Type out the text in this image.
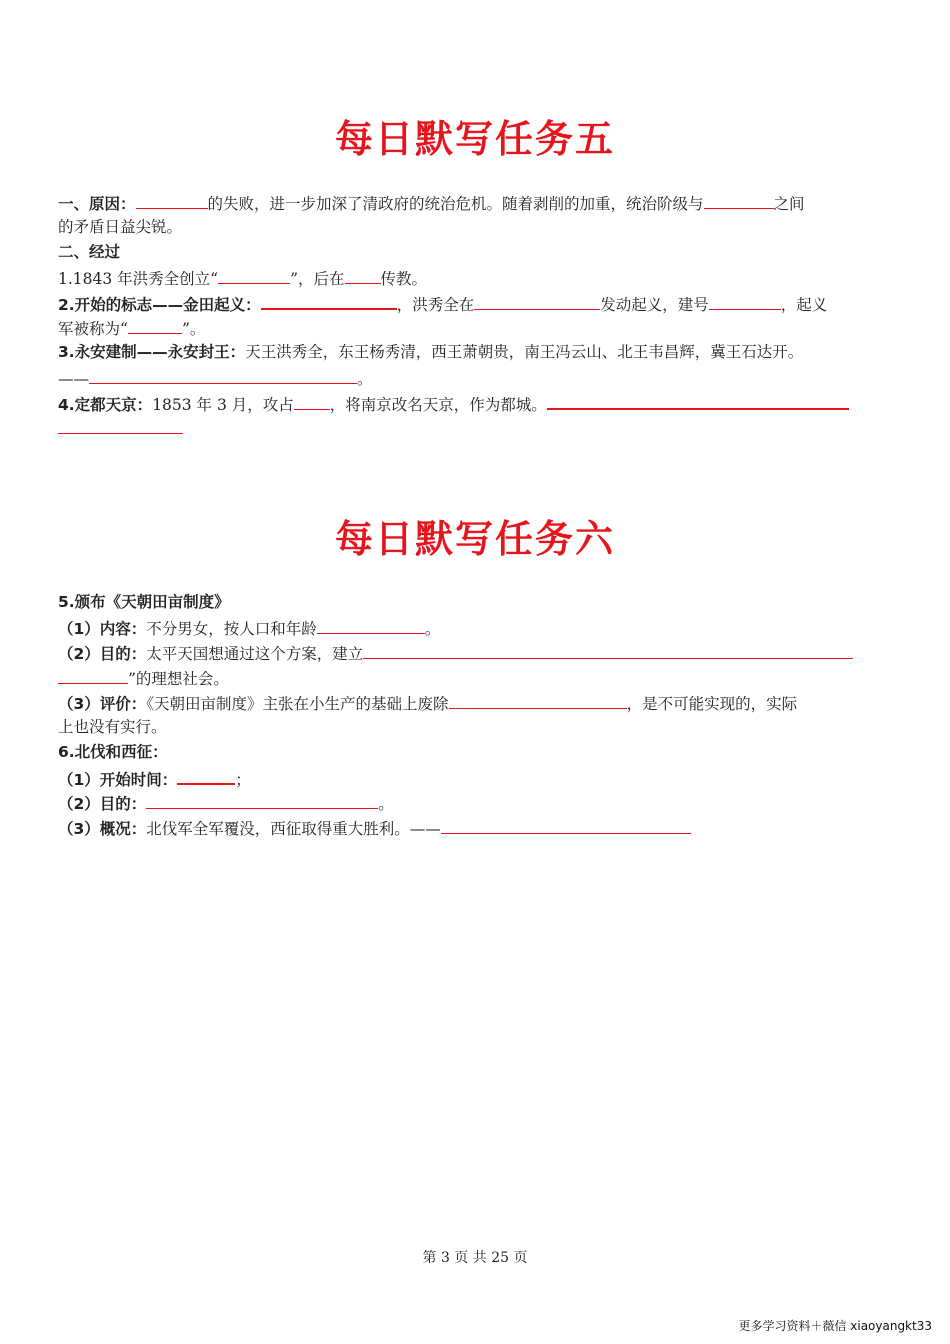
每日默写任务五
一、原因：	的失败，进一步加深了清政府的统治危机。随着剥削的加重，统治阶级与	之间
的矛盾日益尖锐。
二、经过
1.1843 年洪秀全创立“	”，后在 传教。
2.开始的标志——金田起义：	，洪秀全在	发动起义，建号	，起义
军被称为“	”。
3.永安建制——永安封王：天王洪秀全，东王杨秀清，西王萧朝贵，南王冯云山、北王韦昌辉，冀王石达开。
——	。
4.定都天京：1853 年 3 月，攻占 ，将南京改名天京，作为都城。
每日默写任务六
5.颁布《天朝田亩制度》
（1）内容：不分男女，按人口和年龄	。
（2）目的：太平天国想通过这个方案，建立
”的理想社会。
（3）评价：《天朝田亩制度》主张在小生产的基础上废除	，是不可能实现的，实际
上也没有实行。
6.北伐和西征：
（1）开始时间：	；
（2）目的：	。
（3）概况：北伐军全军覆没，西征取得重大胜利。——
第 3 页 共 25 页
更多学习资料＋薇信 xiaoyangkt33
